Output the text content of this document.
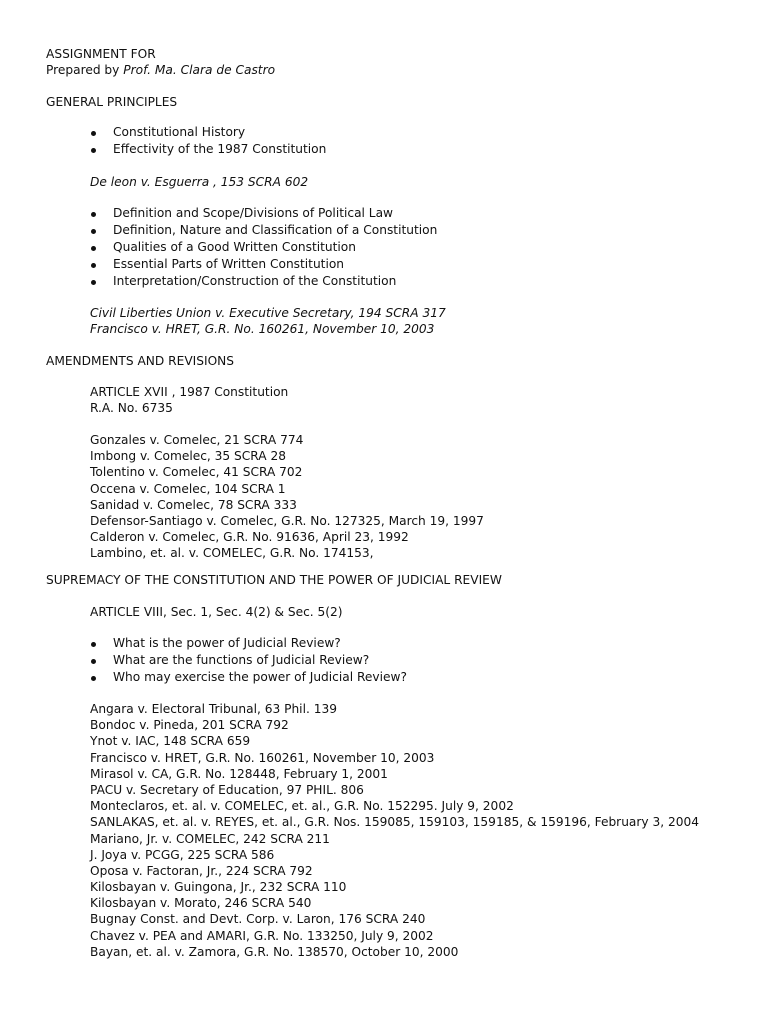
ASSIGNMENT FOR
Prepared by Prof. Ma. Clara de Castro
GENERAL PRINCIPLES
Constitutional History
Effectivity of the 1987 Constitution
De leon v. Esguerra , 153 SCRA 602
Definition and Scope/Divisions of Political Law
Definition, Nature and Classification of a Constitution
Qualities of a Good Written Constitution
Essential Parts of Written Constitution
Interpretation/Construction of the Constitution
Civil Liberties Union v. Executive Secretary, 194 SCRA 317
Francisco v. HRET, G.R. No. 160261, November 10, 2003
AMENDMENTS AND REVISIONS
ARTICLE XVII , 1987 Constitution
R.A. No. 6735
Gonzales v. Comelec, 21 SCRA 774
Imbong v. Comelec, 35 SCRA 28
Tolentino v. Comelec, 41 SCRA 702
Occena v. Comelec, 104 SCRA 1
Sanidad v. Comelec, 78 SCRA 333
Defensor-Santiago v. Comelec, G.R. No. 127325, March 19, 1997
Calderon v. Comelec, G.R. No. 91636, April 23, 1992
Lambino, et. al. v. COMELEC, G.R. No. 174153,
SUPREMACY OF THE CONSTITUTION AND THE POWER OF JUDICIAL REVIEW
ARTICLE VIII, Sec. 1, Sec. 4(2) & Sec. 5(2)
What is the power of Judicial Review?
What are the functions of Judicial Review?
Who may exercise the power of Judicial Review?
Angara v. Electoral Tribunal, 63 Phil. 139
Bondoc v. Pineda, 201 SCRA 792
Ynot v. IAC, 148 SCRA 659
Francisco v. HRET, G.R. No. 160261, November 10, 2003
Mirasol v. CA, G.R. No. 128448, February 1, 2001
PACU v. Secretary of Education, 97 PHIL. 806
Monteclaros, et. al. v. COMELEC, et. al., G.R. No. 152295. July 9, 2002
SANLAKAS, et. al. v. REYES, et. al., G.R. Nos. 159085, 159103, 159185, & 159196, February 3, 2004
Mariano, Jr. v. COMELEC, 242 SCRA 211
J. Joya v. PCGG, 225 SCRA 586
Oposa v. Factoran, Jr., 224 SCRA 792
Kilosbayan v. Guingona, Jr., 232 SCRA 110
Kilosbayan v. Morato, 246 SCRA 540
Bugnay Const. and Devt. Corp. v. Laron, 176 SCRA 240
Chavez v. PEA and AMARI, G.R. No. 133250, July 9, 2002
Bayan, et. al. v. Zamora, G.R. No. 138570, October 10, 2000
